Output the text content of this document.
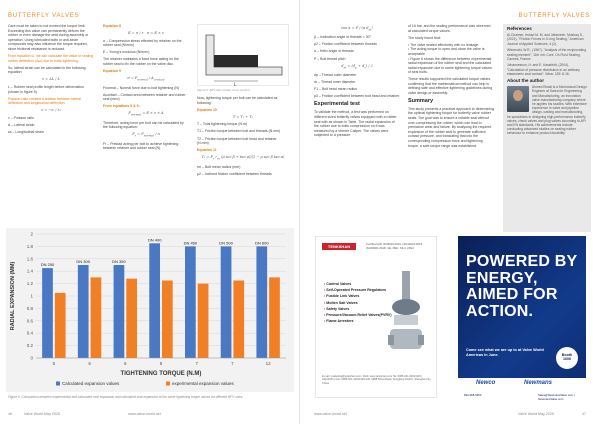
BUTTERFLY VALVES

Care must be taken to not exceed the torque limit. Exceeding this value can permanently deform the rubber or even damage the seat during assembly or operation. Using lubricated bolts or anti-seize compounds may also influence the torque required, since frictional resistance is reduced.

From equation ω, we can calculate the value of sealing rubber deflection (Δω) due to bolts tightening.

So, lateral strain can be calculated in the following equation:

ε = ΔL / L

L – Rubber seal profile length before deformation (shown in figure 5).

Poisson ratio created a relation between lateral deflection and longitudinal deflection:

ν = −εₗ / εₐ

ν – Poisson ratio

εl – Lateral strain

εa – Longitudinal strain

Equation 8

E = σ / ε   σ = E × ε

σ – Compression stress effected by retainer on the rubber seal (N/mm²)

E – Young's modulus (N/mm²)

The retainer maintains a fixed force acting on the rubber seal to fix the rubber on the valve disc.

Equation 9

$\sigma = F_{normal} / A_{contact}$

Fnormal – Normal force due to bolt tightening (N)

Acontact – Contact area between retainer and rubber seal (mm²)

From equations 8 & 9:

$F_{normal} = E \times \varepsilon \times A$

Therefore, acting force per bolt can be calculated by the following equation:

$F_r = F_{normal} / n$

Fr – Preload acting per bolt to achieve tightening between retainer and rubber seal (N).

L
Figure 5: BFV disc rubber cross section.

Now, tightening torque per bolt can be calculated as following:

Equation 10

T = T₁ + T₂

T – Total tightening torque (N.m)

T1 – Friction torque between bolt and threads (N.mm)

T2 – Friction torque between bolt head and retainer (N.mm)

Equation 11

$T_1 = F_r$ $r_m$ (μ sec β + tan α)/(1 − μ sec β tan α)

rm – Bolt mean radius (mm)

μ2 – Inclined friction coefficient between threads

0
0.2
0.4
0.6
0.8
1
1.2
1.4
1.6
1.8
2
RADIAL EXPANSION (MM)	DN 250
5
DN 300
6
DN 350
6
DN 400
8
DN 450
7
DN 500
7
DN 600
12
TIGHTENING TORQUE (N.M)
Calculated expansion values	experimental expansion values
Figure 6: Comparison between experimental and calculated seal expansion and calculated seal expansion at the same tightening torque values for different BFV sizes.
46	Valve World May 2025	www.valve-world.net
BUTTERFLY VALVES
tan α = P / (π $d_m$)

β – Inclination angle of threads = 30°

μ2 – Friction coefficient between threads

α – Helix angle of threads

P – Bolt thread pitch

$d_m = (d_p + d_r) / 2$

dp – Thread outer diameter

dr – Thread inner diameter

F1 – Bolt head mean radius

μ3 – Friction coefficient between bolt head and retainer

Experimental test

To validate the method, a test was performed on different sized butterfly valves equipped with a rubber seal with as shown in Table. The radial expansion of the rubber due to bolts compression on it was measured by a Vernier Caliper. The valves were subjected to a pressure

of 16 bar, and the sealing performance was observed at calculated torque values.

The study found that:

• The valve sealed effectively with no leakage
• The acting torque to open and close the valve is acceptable
• Figure 6 shows the difference between experimental radial expansion of the rubber seal and the calculated radial expansion due to same tightening torque values of seal bolts.

These results supported the calculated torque values, confirming that the mathematical method can help in defining safe and effective tightening guidelines during valve design or assembly.

Summary

This study presents a practical approach to determining the optimal tightening torque for butterfly valve rubber seals. The goal was to ensure a reliable seal without over-compressing the rubber, which can lead to premature wear and failure. By analysing the required expansion of the rubber seal to generate sufficient contact pressure, and translating that into the corresponding compression force and tightening torque, a safe torque range was established.

References

Al-Chalmer, Irshad M. M. and Jafarzeeh, Mushaq S., (2021), "Friction Forces in O-ring Sealing," American Journal of Applied Sciences, 4 (2).

Wierenzki, W.R., (1967), "Analysis of the reciprocating sealing element", 11th Intl. Conf. On Fluid Sealing, Cannes, France.

Johannesson, H. and E. Kassfeldt, (2004), "Calculation of pressure distribution in an arbitrary elastomeric seal contact", Wear, 189: 8-16.

About the author

Ahmed Elwali is a Mechanical Design Engineer at Sarea for Engineering and Manufacturing, an innovation valve manufacturing company where he applies his studies. With extensive experience in valve and pipeline design, casting and manufacturing, he specializes in designing high-performance butterfly valves, check valves and plug valves according to API and EN standards. His achievements include conducting advanced studies on sealing rubber behaviour to enhance product durability.

TENKSHAN	Certified with ISO9001:2015, ISO14001:2015, ISO45001:2018, CE, PED, SIL3, ATEX
• Control Valves
• Self-Operated Pressure Regulators
• Fusible Link Valves
• Molten Salt Valves
• Safety Valves
• Pressure/Vacuum Relief Valves(PVRV)
• Flame Arresters
E-mail: marketing@tenkshan.com | Web: www.tenkshan.com Tel: 0086-021-34024115 | 34121044 | Fax: 0086-021-34024128 Add: 9988 Shitai Road, Songjiang District, Shanghai City, China
POWERED BY ENERGY, AIMED FOR ACTION.
Come see what we are up to at Valve World Americas in June.	Booth
1606
Newco	Newmans
832-968-5900	Sales@NewmansValve.com | NewmansValve.com
www.valve-world.net	Valve World May 2025	47
